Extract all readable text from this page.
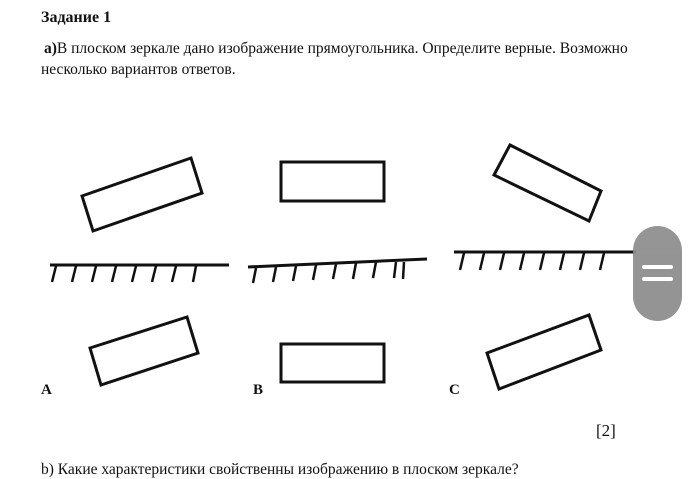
Задание 1
a)В плоском зеркале дано изображение прямоугольника. Определите верные. Возможно несколько вариантов ответов.
A	B	C
[2]
b) Какие характеристики свойственны изображению в плоском зеркале?
